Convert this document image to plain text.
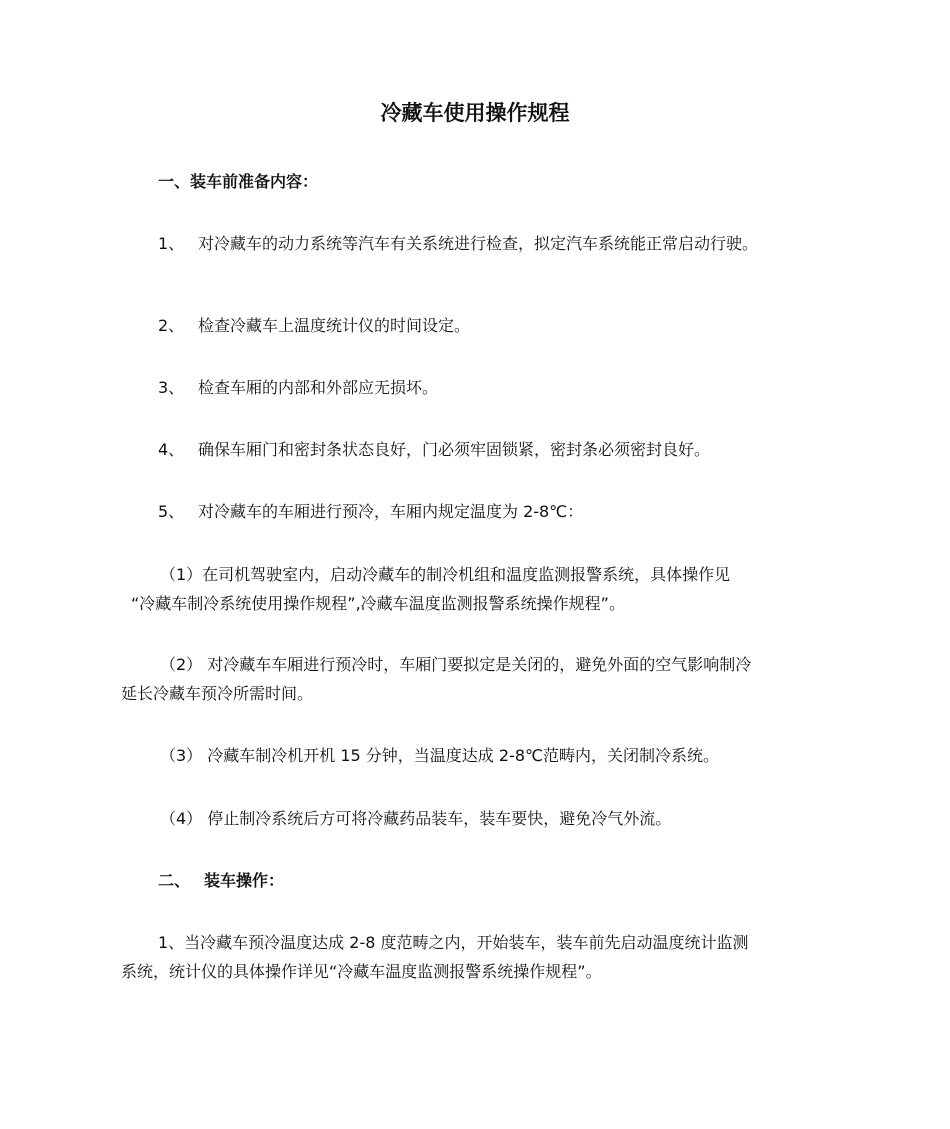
冷藏车使用操作规程

一、装车前准备内容：

1、 对冷藏车的动力系统等汽车有关系统进行检查，拟定汽车系统能正常启动行驶。

2、 检查冷藏车上温度统计仪的时间设定。

3、 检查车厢的内部和外部应无损坏。

4、 确保车厢门和密封条状态良好，门必须牢固锁紧，密封条必须密封良好。

5、 对冷藏车的车厢进行预冷，车厢内规定温度为 2-8℃：

（1）在司机驾驶室内，启动冷藏车的制冷机组和温度监测报警系统，具体操作见

“冷藏车制冷系统使用操作规程”,冷藏车温度监测报警系统操作规程”。

（2） 对冷藏车车厢进行预冷时，车厢门要拟定是关闭的，避免外面的空气影响制冷

延长冷藏车预冷所需时间。

（3） 冷藏车制冷机开机 15 分钟，当温度达成 2-8℃范畴内，关闭制冷系统。

（4） 停止制冷系统后方可将冷藏药品装车，装车要快，避免冷气外流。

二、 装车操作：

1、当冷藏车预冷温度达成 2-8 度范畴之内，开始装车，装车前先启动温度统计监测

系统，统计仪的具体操作详见“冷藏车温度监测报警系统操作规程”。
